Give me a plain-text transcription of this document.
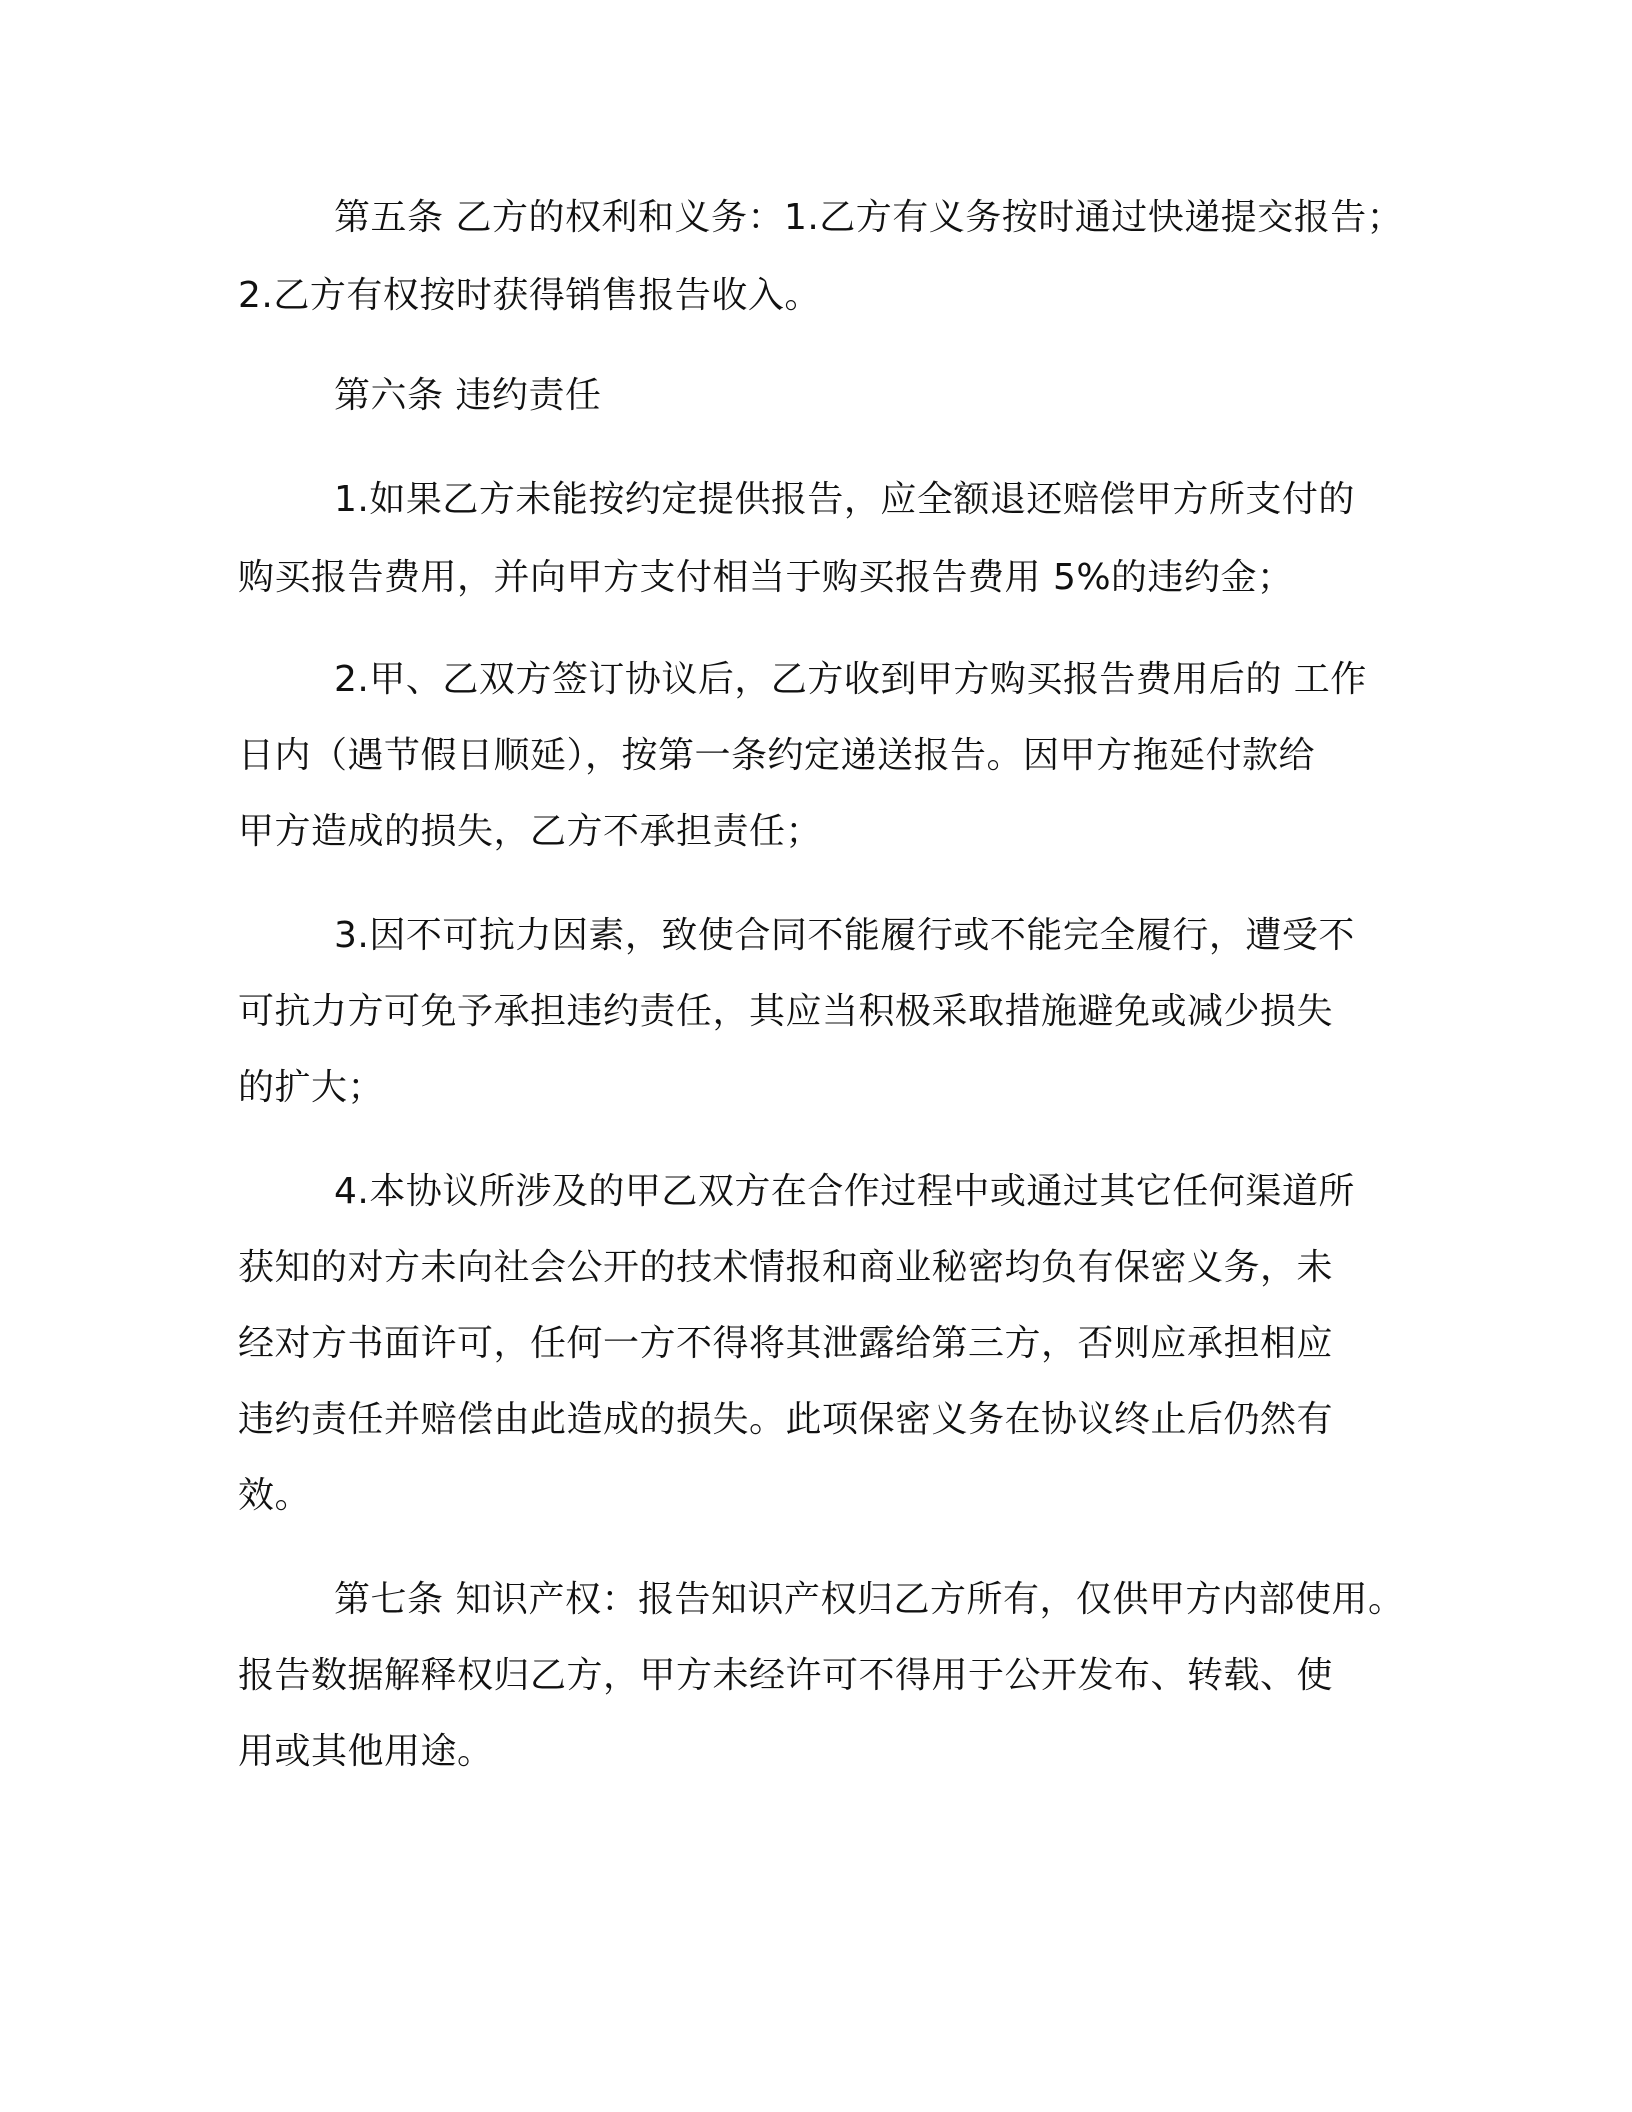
第五条 乙方的权利和义务：1.乙方有义务按时通过快递提交报告；
2.乙方有权按时获得销售报告收入。
第六条 违约责任
1.如果乙方未能按约定提供报告，应全额退还赔偿甲方所支付的
购买报告费用，并向甲方支付相当于购买报告费用 5%的违约金；
2.甲、乙双方签订协议后，乙方收到甲方购买报告费用后的 工作
日内（遇节假日顺延），按第一条约定递送报告。因甲方拖延付款给
甲方造成的损失，乙方不承担责任；
3.因不可抗力因素，致使合同不能履行或不能完全履行，遭受不
可抗力方可免予承担违约责任，其应当积极采取措施避免或减少损失
的扩大；
4.本协议所涉及的甲乙双方在合作过程中或通过其它任何渠道所
获知的对方未向社会公开的技术情报和商业秘密均负有保密义务，未
经对方书面许可，任何一方不得将其泄露给第三方，否则应承担相应
违约责任并赔偿由此造成的损失。此项保密义务在协议终止后仍然有
效。
第七条 知识产权：报告知识产权归乙方所有，仅供甲方内部使用。
报告数据解释权归乙方，甲方未经许可不得用于公开发布、转载、使
用或其他用途。
